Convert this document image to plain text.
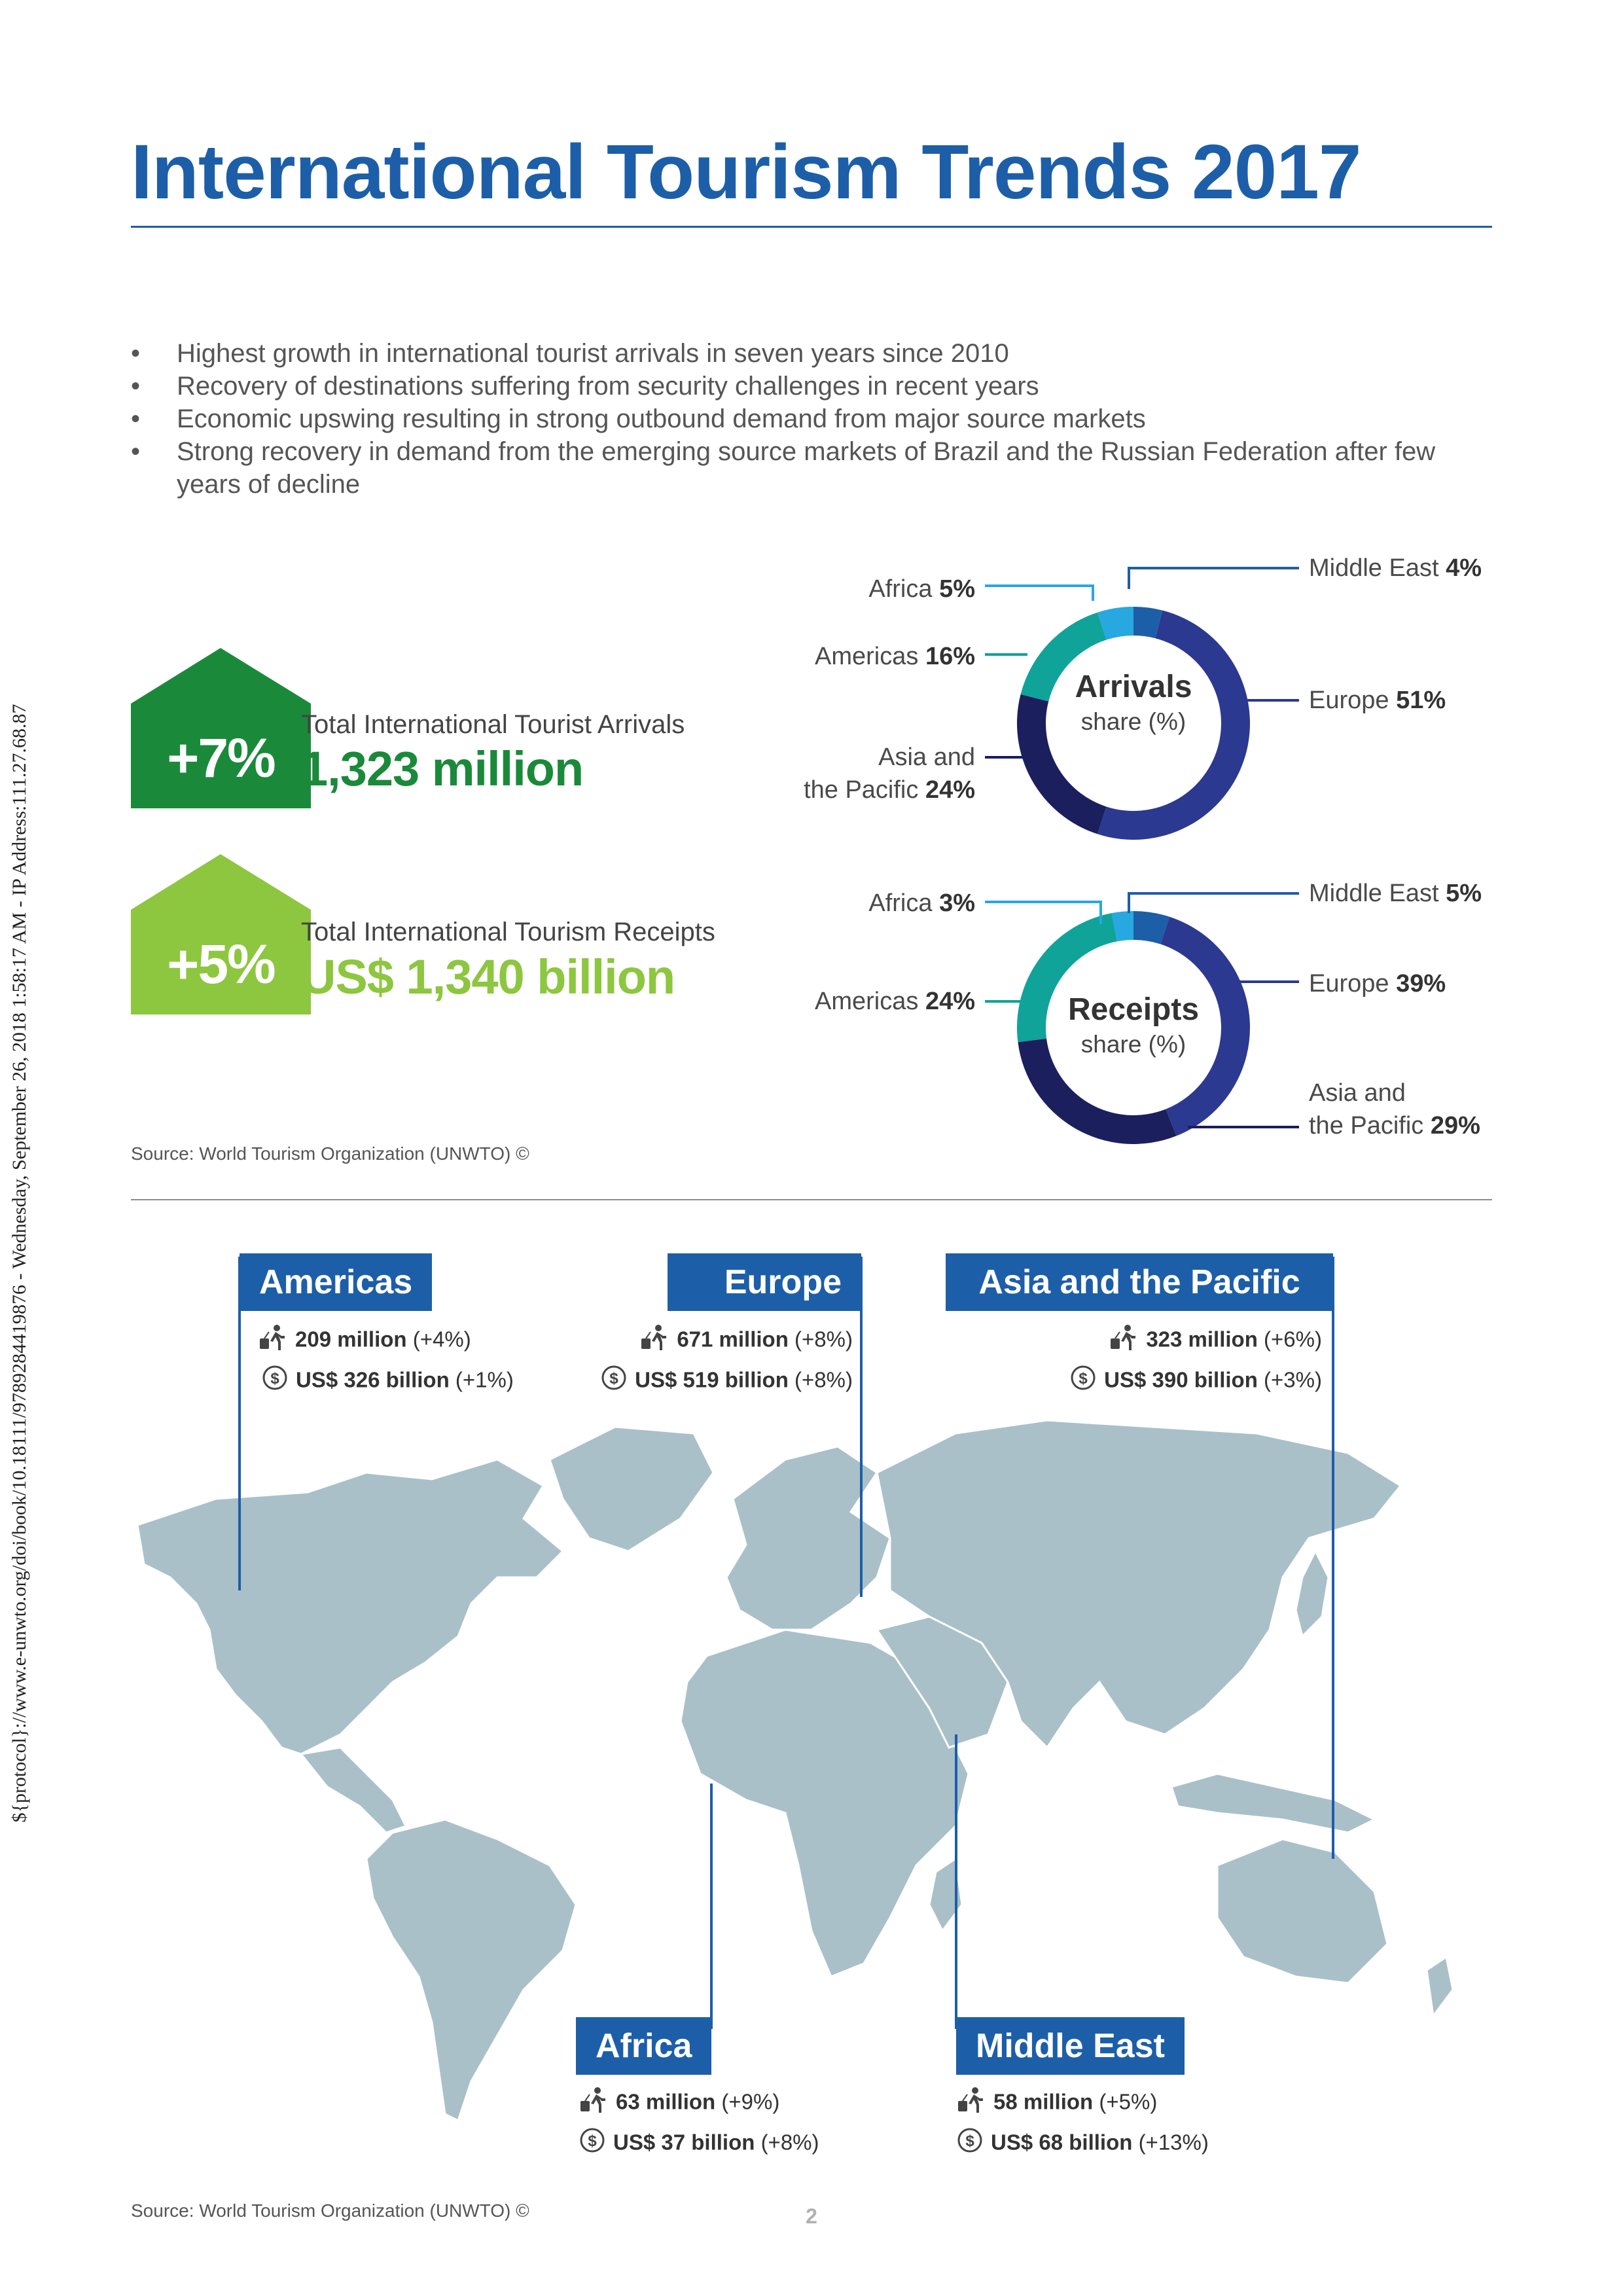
${protocol}://www.e-unwto.org/doi/book/10.18111/9789284419876 - Wednesday, September 26, 2018 1:58:17 AM - IP Address:111.27.68.87
International Tourism Trends 2017
• Highest growth in international tourist arrivals in seven years since 2010
• Recovery of destinations suffering from security challenges in recent years
• Economic upswing resulting in strong outbound demand from major source markets
• Strong recovery in demand from the emerging source markets of Brazil and the Russian Federation after few years of decline
+7%
Total International Tourist Arrivals
1,323 million
+5%
Total International Tourism Receipts
US$ 1,340 billion
Arrivals
share (%)
Middle East 4%
Europe 51%
Africa 5%
Americas 16%
Asia and
the Pacific 24%
Receipts
share (%)
Middle East 5%
Europe 39%
Asia and
the Pacific 29%
Africa 3%
Americas 24%
Source: World Tourism Organization (UNWTO) ©
Americas
209 million (+4%)
$ US$ 326 billion (+1%)
Europe
671 million (+8%)
$ US$ 519 billion (+8%)
Asia and the Pacific
323 million (+6%)
$ US$ 390 billion (+3%)
Africa
63 million (+9%)
$ US$ 37 billion (+8%)
Middle East
58 million (+5%)
$ US$ 68 billion (+13%)
Source: World Tourism Organization (UNWTO) ©	2
